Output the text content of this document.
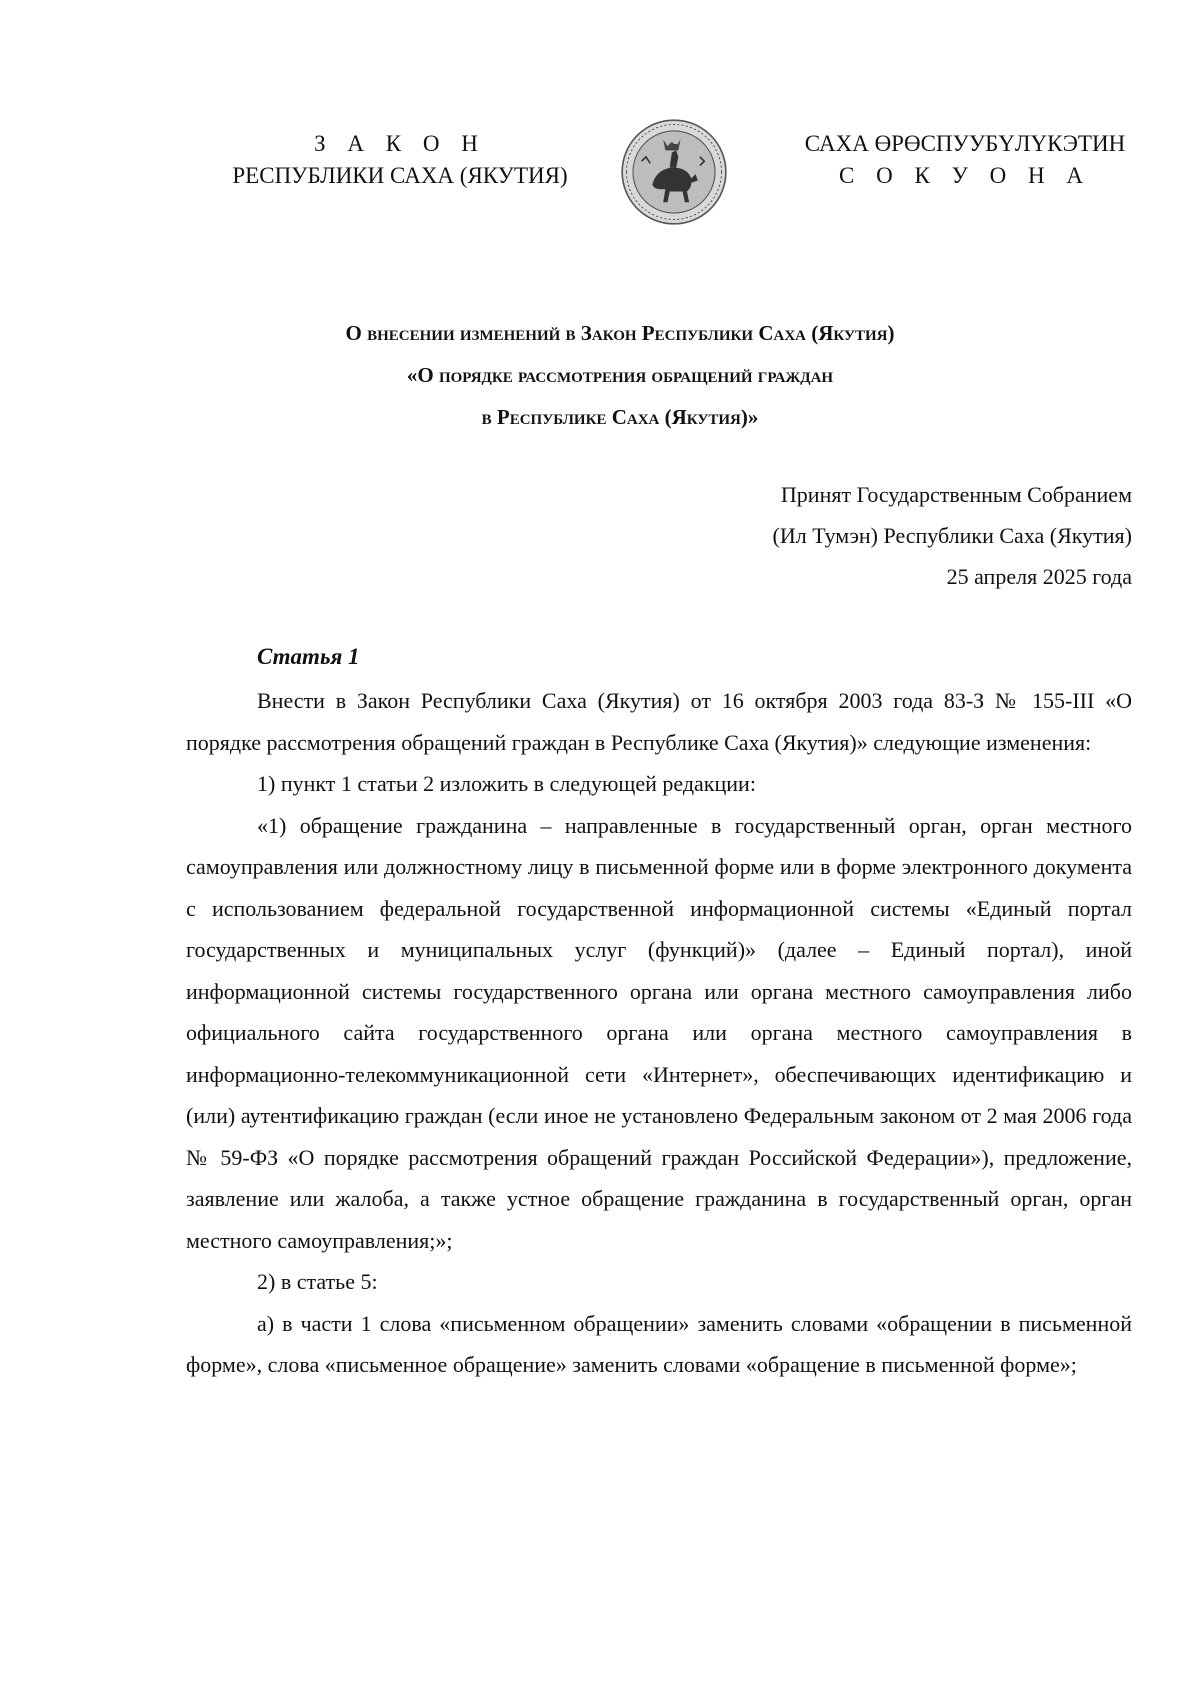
З А К О Н
РЕСПУБЛИКИ САХА (ЯКУТИЯ)
САХА ӨРӨСПУУБҮЛҮКЭТИН
С О К У О Н А
О внесении изменений в Закон Республики Саха (Якутия)
«О порядке рассмотрения обращений граждан
в Республике Саха (Якутия)»
Принят Государственным Собранием
(Ил Тумэн) Республики Саха (Якутия)
25 апреля 2025 года
Статья 1

Внести в Закон Республики Саха (Якутия) от 16 октября 2003 года 83-З № 155-III «О порядке рассмотрения обращений граждан в Республике Саха (Якутия)» следующие изменения:

1) пункт 1 статьи 2 изложить в следующей редакции:

«1) обращение гражданина – направленные в государственный орган, орган местного самоуправления или должностному лицу в письменной форме или в форме электронного документа с использованием федеральной государственной информационной системы «Единый портал государственных и муниципальных услуг (функций)» (далее – Единый портал), иной информационной системы государственного органа или органа местного самоуправления либо официального сайта государственного органа или органа местного самоуправления в информационно-телекоммуникационной сети «Интернет», обеспечивающих идентификацию и (или) аутентификацию граждан (если иное не установлено Федеральным законом от 2 мая 2006 года № 59-ФЗ «О порядке рассмотрения обращений граждан Российской Федерации»), предложение, заявление или жалоба, а также устное обращение гражданина в государственный орган, орган местного самоуправления;»;

2) в статье 5:

а) в части 1 слова «письменном обращении» заменить словами «обращении в письменной форме», слова «письменное обращение» заменить словами «обращение в письменной форме»;
